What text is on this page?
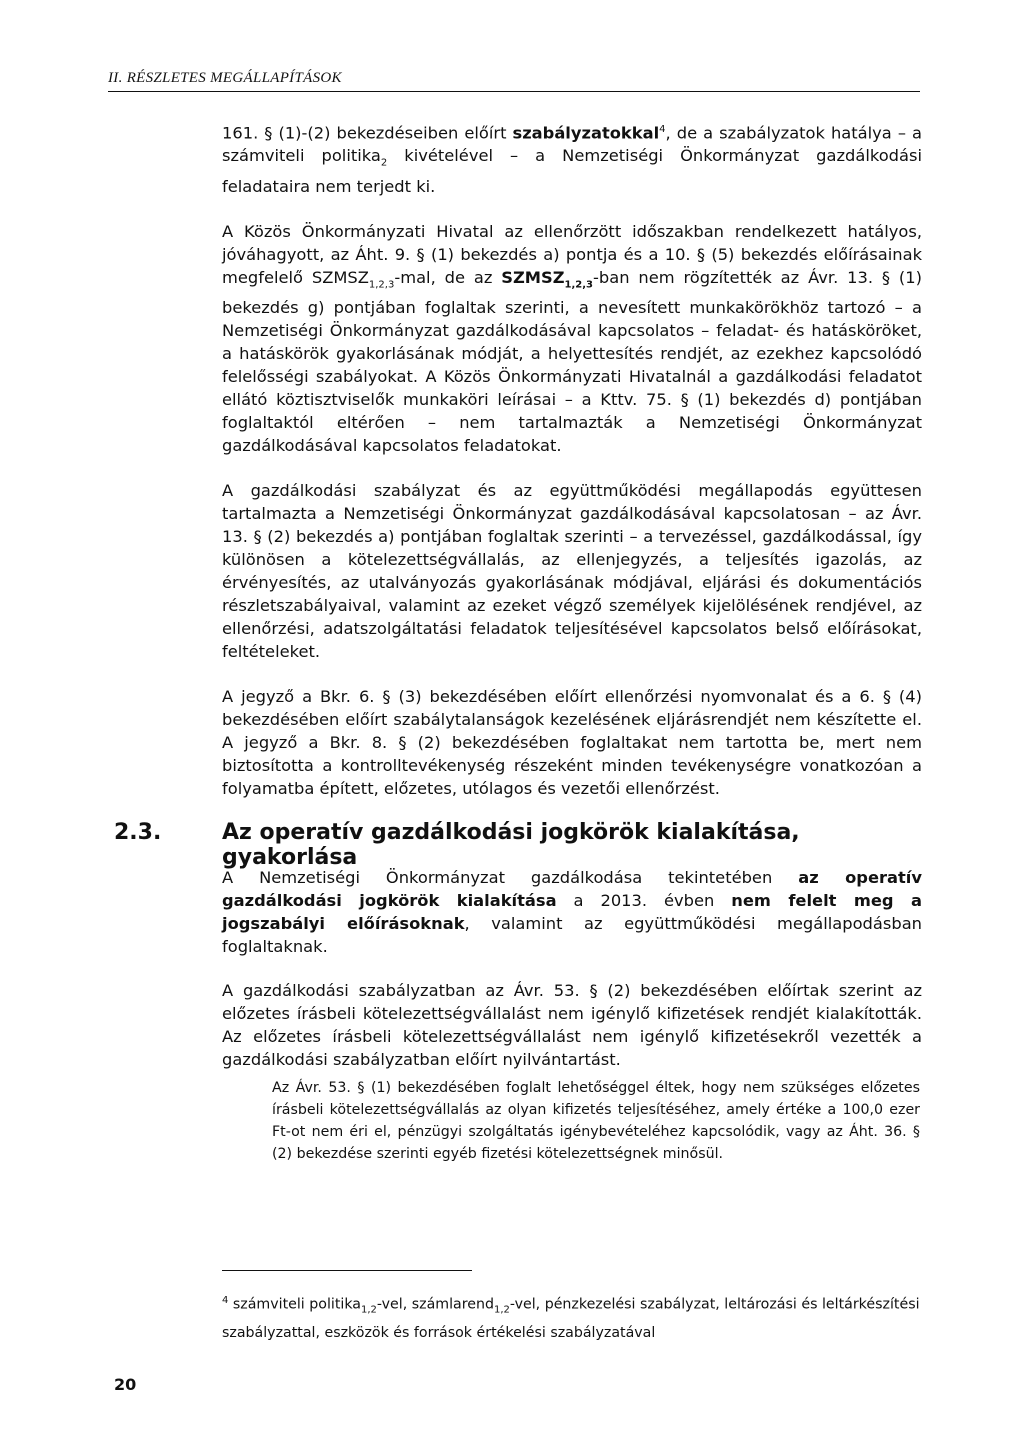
II. RÉSZLETES MEGÁLLAPÍTÁSOK

161. § (1)-(2) bekezdéseiben előírt szabályzatokkal$^4$, de a szabályzatok hatálya – a számviteli politika$_2$ kivételével – a Nemzetiségi Önkormányzat gazdálkodási feladataira nem terjedt ki.

A Közös Önkormányzati Hivatal az ellenőrzött időszakban rendelkezett hatályos, jóváhagyott, az Áht. 9. § (1) bekezdés a) pontja és a 10. § (5) bekezdés előírásainak megfelelő $SZMSZ_{1,2,3}$-mal, de az $SZMSZ_{1,2,3}$-ban nem rögzítették az Ávr. 13. § (1) bekezdés g) pontjában foglaltak szerinti, a nevesített munkakörökhöz tartozó – a Nemzetiségi Önkormányzat gazdálkodásával kapcsolatos – feladat- és hatásköröket, a hatáskörök gyakorlásának módját, a helyettesítés rendjét, az ezekhez kapcsolódó felelősségi szabályokat. A Közös Önkormányzati Hivatalnál a gazdálkodási feladatot ellátó köztisztviselők munkaköri leírásai – a Kttv. 75. § (1) bekezdés d) pontjában foglaltaktól eltérően – nem tartalmazták a Nemzetiségi Önkormányzat gazdálkodásával kapcsolatos feladatokat.

A gazdálkodási szabályzat és az együttműködési megállapodás együttesen tartalmazta a Nemzetiségi Önkormányzat gazdálkodásával kapcsolatosan – az Ávr. 13. § (2) bekezdés a) pontjában foglaltak szerinti – a tervezéssel, gazdálkodással, így különösen a kötelezettségvállalás, az ellenjegyzés, a teljesítés igazolás, az érvényesítés, az utalványozás gyakorlásának módjával, eljárási és dokumentációs részletszabályaival, valamint az ezeket végző személyek kijelölésének rendjével, az ellenőrzési, adatszolgáltatási feladatok teljesítésével kapcsolatos belső előírásokat, feltételeket.

A jegyző a Bkr. 6. § (3) bekezdésében előírt ellenőrzési nyomvonalat és a 6. § (4) bekezdésében előírt szabálytalanságok kezelésének eljárásrendjét nem készítette el. A jegyző a Bkr. 8. § (2) bekezdésében foglaltakat nem tartotta be, mert nem biztosította a kontrolltevékenység részeként minden tevékenységre vonatkozóan a folyamatba épített, előzetes, utólagos és vezetői ellenőrzést.

2.3.	Az operatív gazdálkodási jogkörök kialakítása, gyakorlása

A Nemzetiségi Önkormányzat gazdálkodása tekintetében az operatív gazdálkodási jogkörök kialakítása a 2013. évben nem felelt meg a jogszabályi előírásoknak, valamint az együttműködési megállapodásban foglaltaknak.

A gazdálkodási szabályzatban az Ávr. 53. § (2) bekezdésében előírtak szerint az előzetes írásbeli kötelezettségvállalást nem igénylő kifizetések rendjét kialakították. Az előzetes írásbeli kötelezettségvállalást nem igénylő kifizetésekről vezették a gazdálkodási szabályzatban előírt nyilvántartást.

Az Ávr. 53. § (1) bekezdésében foglalt lehetőséggel éltek, hogy nem szükséges előzetes írásbeli kötelezettségvállalás az olyan kifizetés teljesítéséhez, amely értéke a 100,0 ezer Ft-ot nem éri el, pénzügyi szolgáltatás igénybevételéhez kapcsolódik, vagy az Áht. 36. § (2) bekezdése szerinti egyéb fizetési kötelezettségnek minősül.
$^4$ számviteli politika$_{1,2}$-vel, számlarend$_{1,2}$-vel, pénzkezelési szabályzat, leltározási és leltárkészítési szabályzattal, eszközök és források értékelési szabályzatával
20
